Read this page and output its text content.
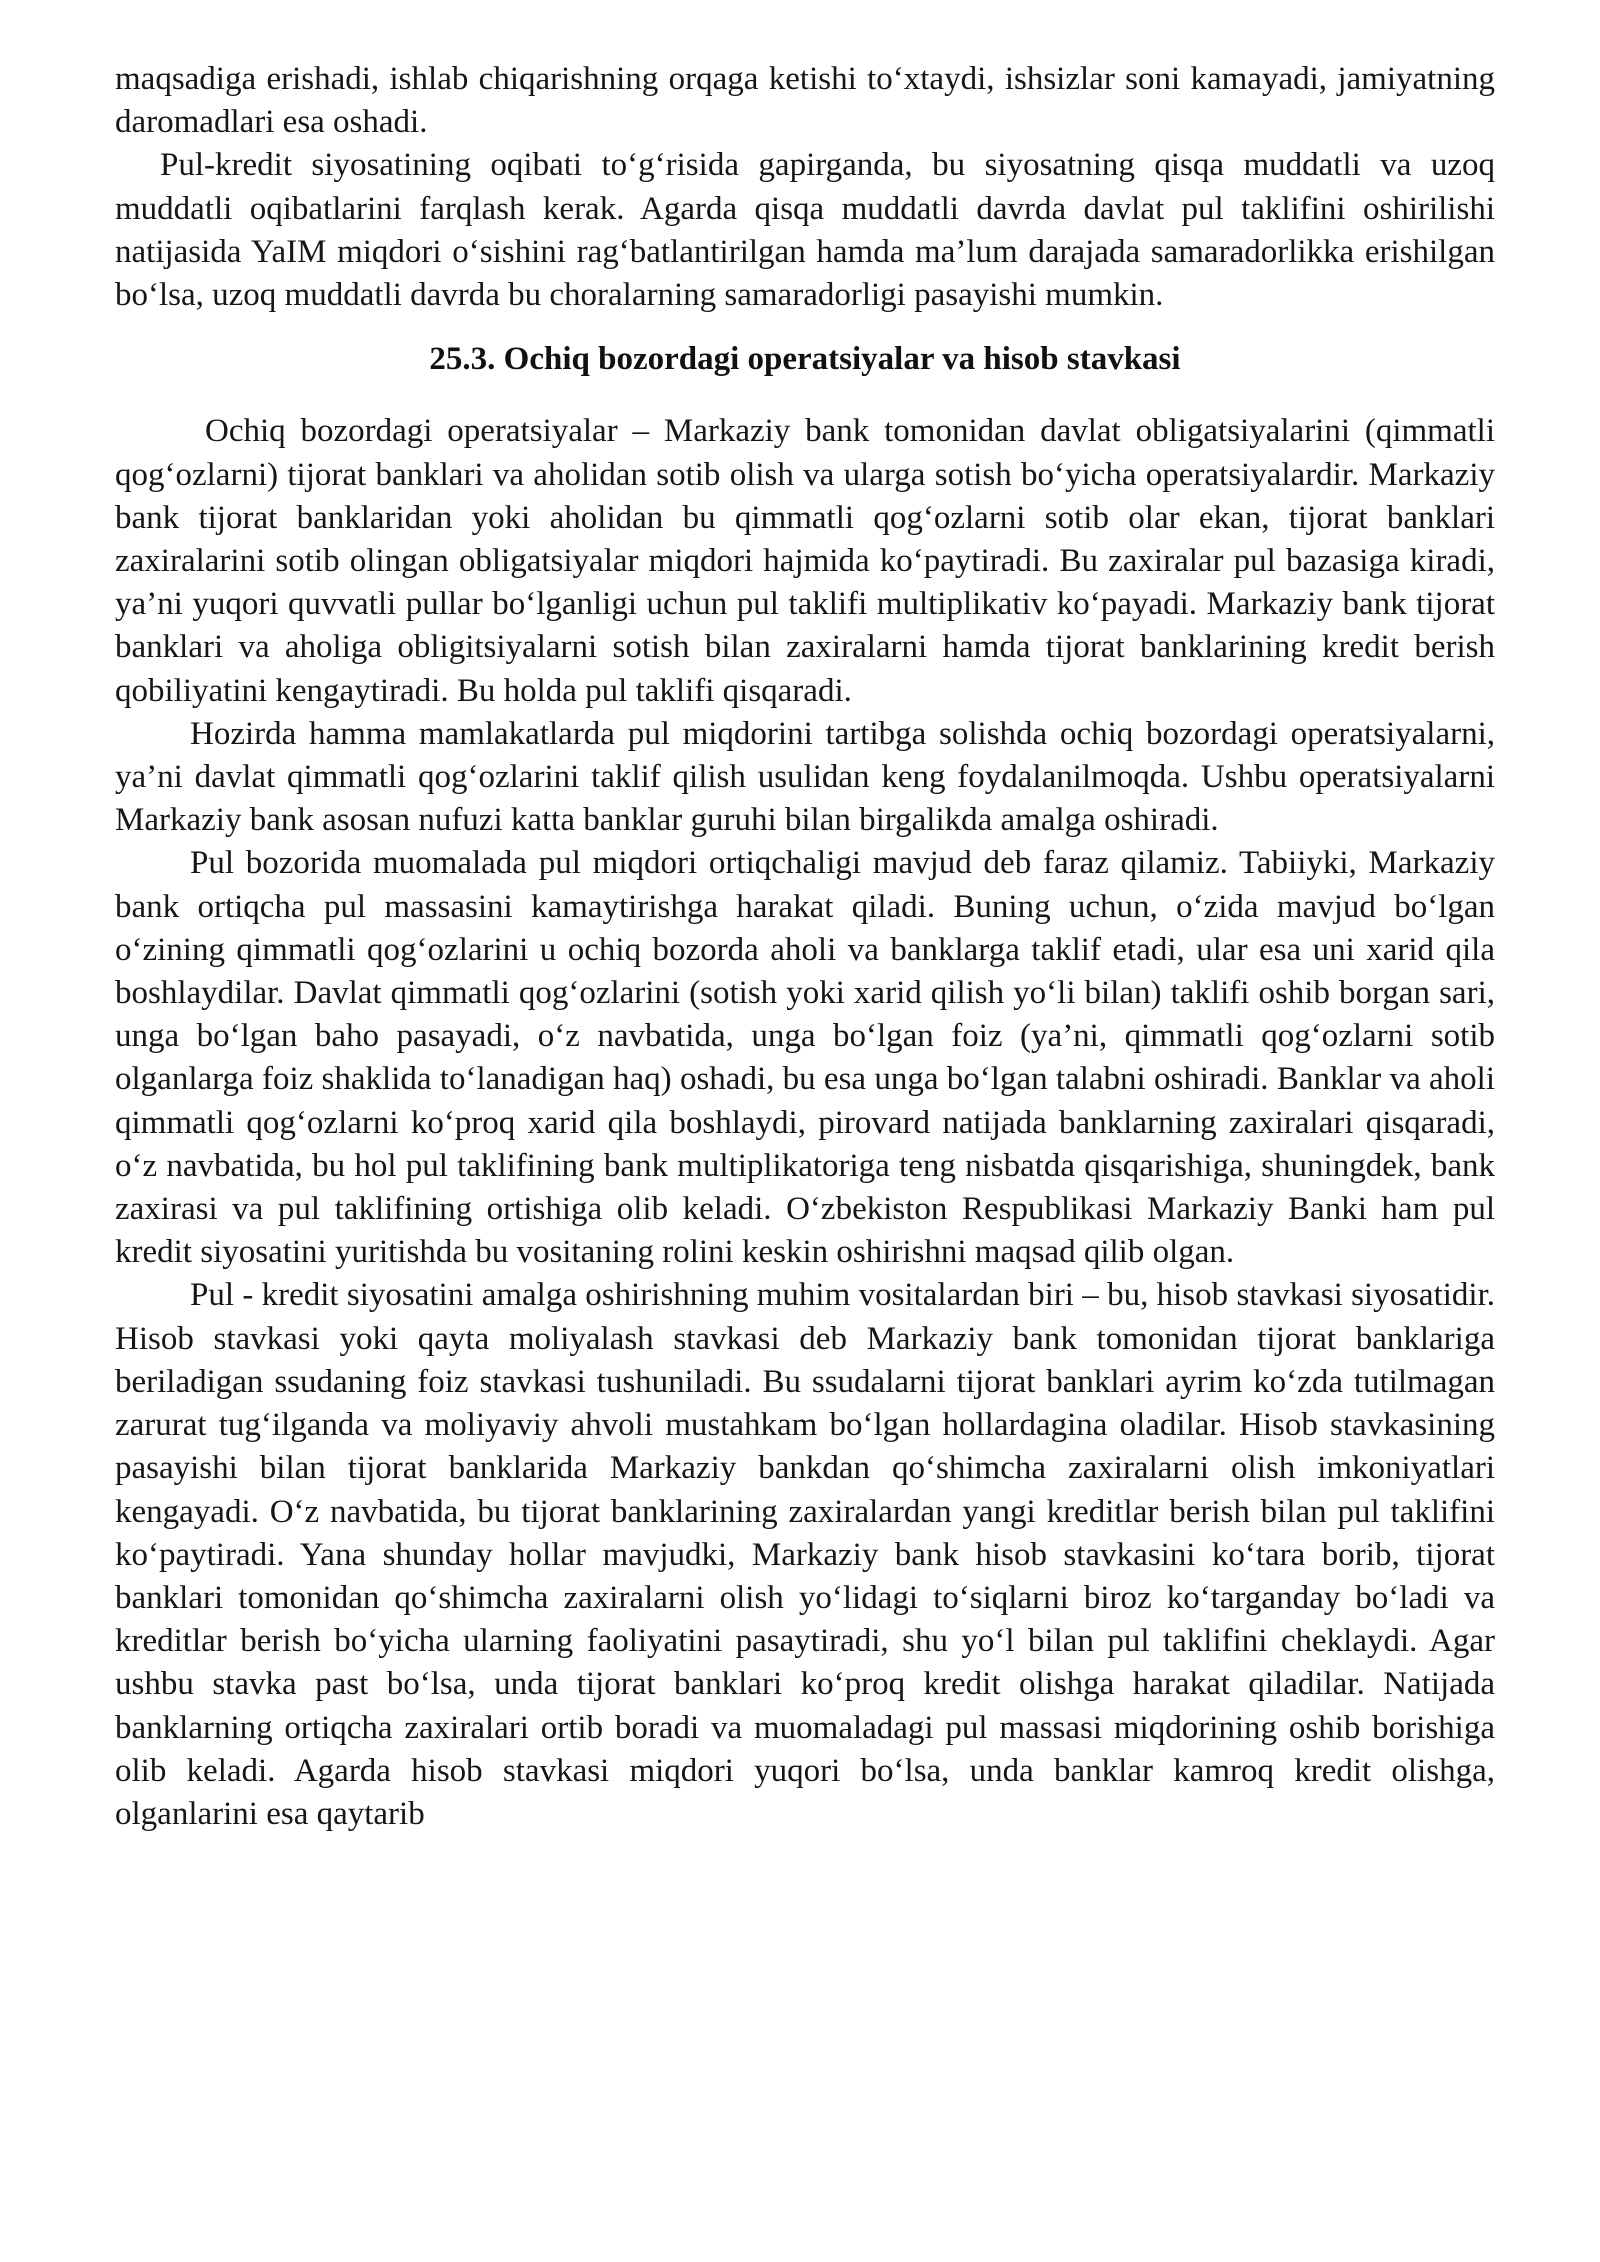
maqsadiga erishadi, ishlab chiqarishning orqaga ketishi to‘xtaydi, ishsizlar soni kamayadi, jamiyatning daromadlari esa oshadi.

Pul-kredit siyosatining oqibati to‘g‘risida gapirganda, bu siyosatning qisqa muddatli va uzoq muddatli oqibatlarini farqlash kerak. Agarda qisqa muddatli davrda davlat pul taklifini oshirilishi natijasida YaIM miqdori o‘sishini rag‘batlantirilgan hamda ma’lum darajada samaradorlikka erishilgan bo‘lsa, uzoq muddatli davrda bu choralarning samaradorligi pasayishi mumkin.

25.3. Ochiq bozordagi operatsiyalar va hisob stavkasi

Ochiq bozordagi operatsiyalar – Markaziy bank tomonidan davlat obligatsiyalarini (qimmatli qog‘ozlarni) tijorat banklari va aholidan sotib olish va ularga sotish bo‘yicha operatsiyalardir. Markaziy bank tijorat banklaridan yoki aholidan bu qimmatli qog‘ozlarni sotib olar ekan, tijorat banklari zaxiralarini sotib olingan obligatsiyalar miqdori hajmida ko‘paytiradi. Bu zaxiralar pul bazasiga kiradi, ya’ni yuqori quvvatli pullar bo‘lganligi uchun pul taklifi multiplikativ ko‘payadi. Markaziy bank tijorat banklari va aholiga obligitsiyalarni sotish bilan zaxiralarni hamda tijorat banklarining kredit berish qobiliyatini kengaytiradi. Bu holda pul taklifi qisqaradi.

Hozirda hamma mamlakatlarda pul miqdorini tartibga solishda ochiq bozordagi operatsiyalarni, ya’ni davlat qimmatli qog‘ozlarini taklif qilish usulidan keng foydalanilmoqda. Ushbu operatsiyalarni Markaziy bank asosan nufuzi katta banklar guruhi bilan birgalikda amalga oshiradi.

Pul bozorida muomalada pul miqdori ortiqchaligi mavjud deb faraz qilamiz. Tabiiyki, Markaziy bank ortiqcha pul massasini kamaytirishga harakat qiladi. Buning uchun, o‘zida mavjud bo‘lgan o‘zining qimmatli qog‘ozlarini u ochiq bozorda aholi va banklarga taklif etadi, ular esa uni xarid qila boshlaydilar. Davlat qimmatli qog‘ozlarini (sotish yoki xarid qilish yo‘li bilan) taklifi oshib borgan sari, unga bo‘lgan baho pasayadi, o‘z navbatida, unga bo‘lgan foiz (ya’ni, qimmatli qog‘ozlarni sotib olganlarga foiz shaklida to‘lanadigan haq) oshadi, bu esa unga bo‘lgan talabni oshiradi. Banklar va aholi qimmatli qog‘ozlarni ko‘proq xarid qila boshlaydi, pirovard natijada banklarning zaxiralari qisqaradi, o‘z navbatida, bu hol pul taklifining bank multiplikatoriga teng nisbatda qisqarishiga, shuningdek, bank zaxirasi va pul taklifining ortishiga olib keladi. O‘zbekiston Respublikasi Markaziy Banki ham pul kredit siyosatini yuritishda bu vositaning rolini keskin oshirishni maqsad qilib olgan.

Pul - kredit siyosatini amalga oshirishning muhim vositalardan biri – bu, hisob stavkasi siyosatidir. Hisob stavkasi yoki qayta moliyalash stavkasi deb Markaziy bank tomonidan tijorat banklariga beriladigan ssudaning foiz stavkasi tushuniladi. Bu ssudalarni tijorat banklari ayrim ko‘zda tutilmagan zarurat tug‘ilganda va moliyaviy ahvoli mustahkam bo‘lgan hollardagina oladilar. Hisob stavkasining pasayishi bilan tijorat banklarida Markaziy bankdan qo‘shimcha zaxiralarni olish imkoniyatlari kengayadi. O‘z navbatida, bu tijorat banklarining zaxiralardan yangi kreditlar berish bilan pul taklifini ko‘paytiradi. Yana shunday hollar mavjudki, Markaziy bank hisob stavkasini ko‘tara borib, tijorat banklari tomonidan qo‘shimcha zaxiralarni olish yo‘lidagi to‘siqlarni biroz ko‘targanday bo‘ladi va kreditlar berish bo‘yicha ularning faoliyatini pasaytiradi, shu yo‘l bilan pul taklifini cheklaydi. Agar ushbu stavka past bo‘lsa, unda tijorat banklari ko‘proq kredit olishga harakat qiladilar. Natijada banklarning ortiqcha zaxiralari ortib boradi va muomaladagi pul massasi miqdorining oshib borishiga olib keladi. Agarda hisob stavkasi miqdori yuqori bo‘lsa, unda banklar kamroq kredit olishga, olganlarini esa qaytarib
